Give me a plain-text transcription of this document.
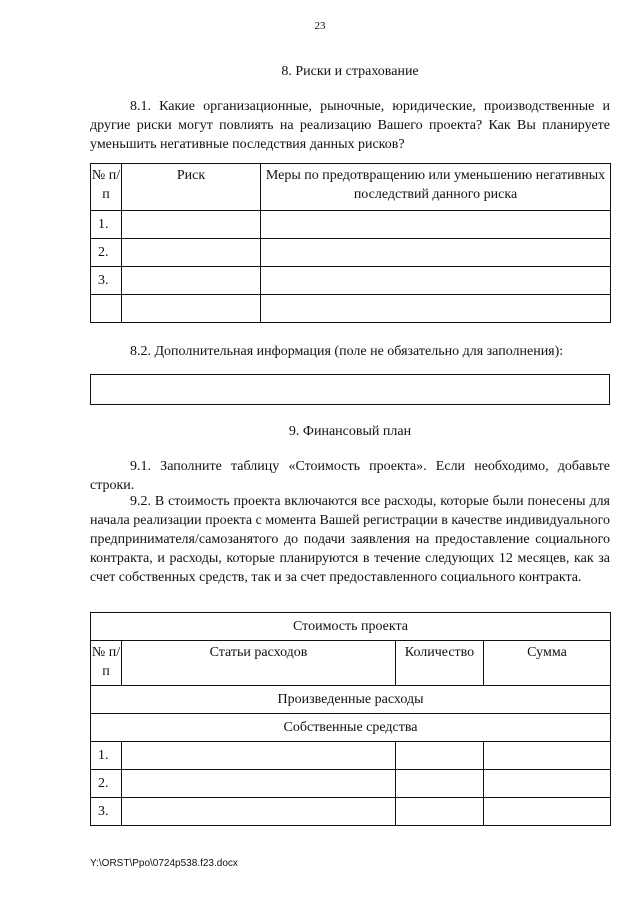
23
8. Риски и страхование

8.1. Какие организационные, рыночные, юридические, производственные и другие риски могут повлиять на реализацию Вашего проекта? Как Вы планируете уменьшить негативные последствия данных рисков?

№ п/п	Риск	Меры по предотвращению или уменьшению негативных последствий данного риска
1.		
2.		
3.		

8.2. Дополнительная информация (поле не обязательно для заполнения):

9. Финансовый план

9.1. Заполните таблицу «Стоимость проекта». Если необходимо, добавьте строки.

9.2. В стоимость проекта включаются все расходы, которые были понесены для начала реализации проекта с момента Вашей регистрации в качестве индивидуального предпринимателя/самозанятого до подачи заявления на предоставление социального контракта, и расходы, которые планируются в течение следующих 12 месяцев, как за счет собственных средств, так и за счет предоставленного социального контракта.

Стоимость проекта			
№ п/п	Статьи расходов	Количество	Сумма
Произведенные расходы			
Собственные средства			
1.			
2.			
3.			
Y:\ORST\Ppo\0724p538.f23.docx
